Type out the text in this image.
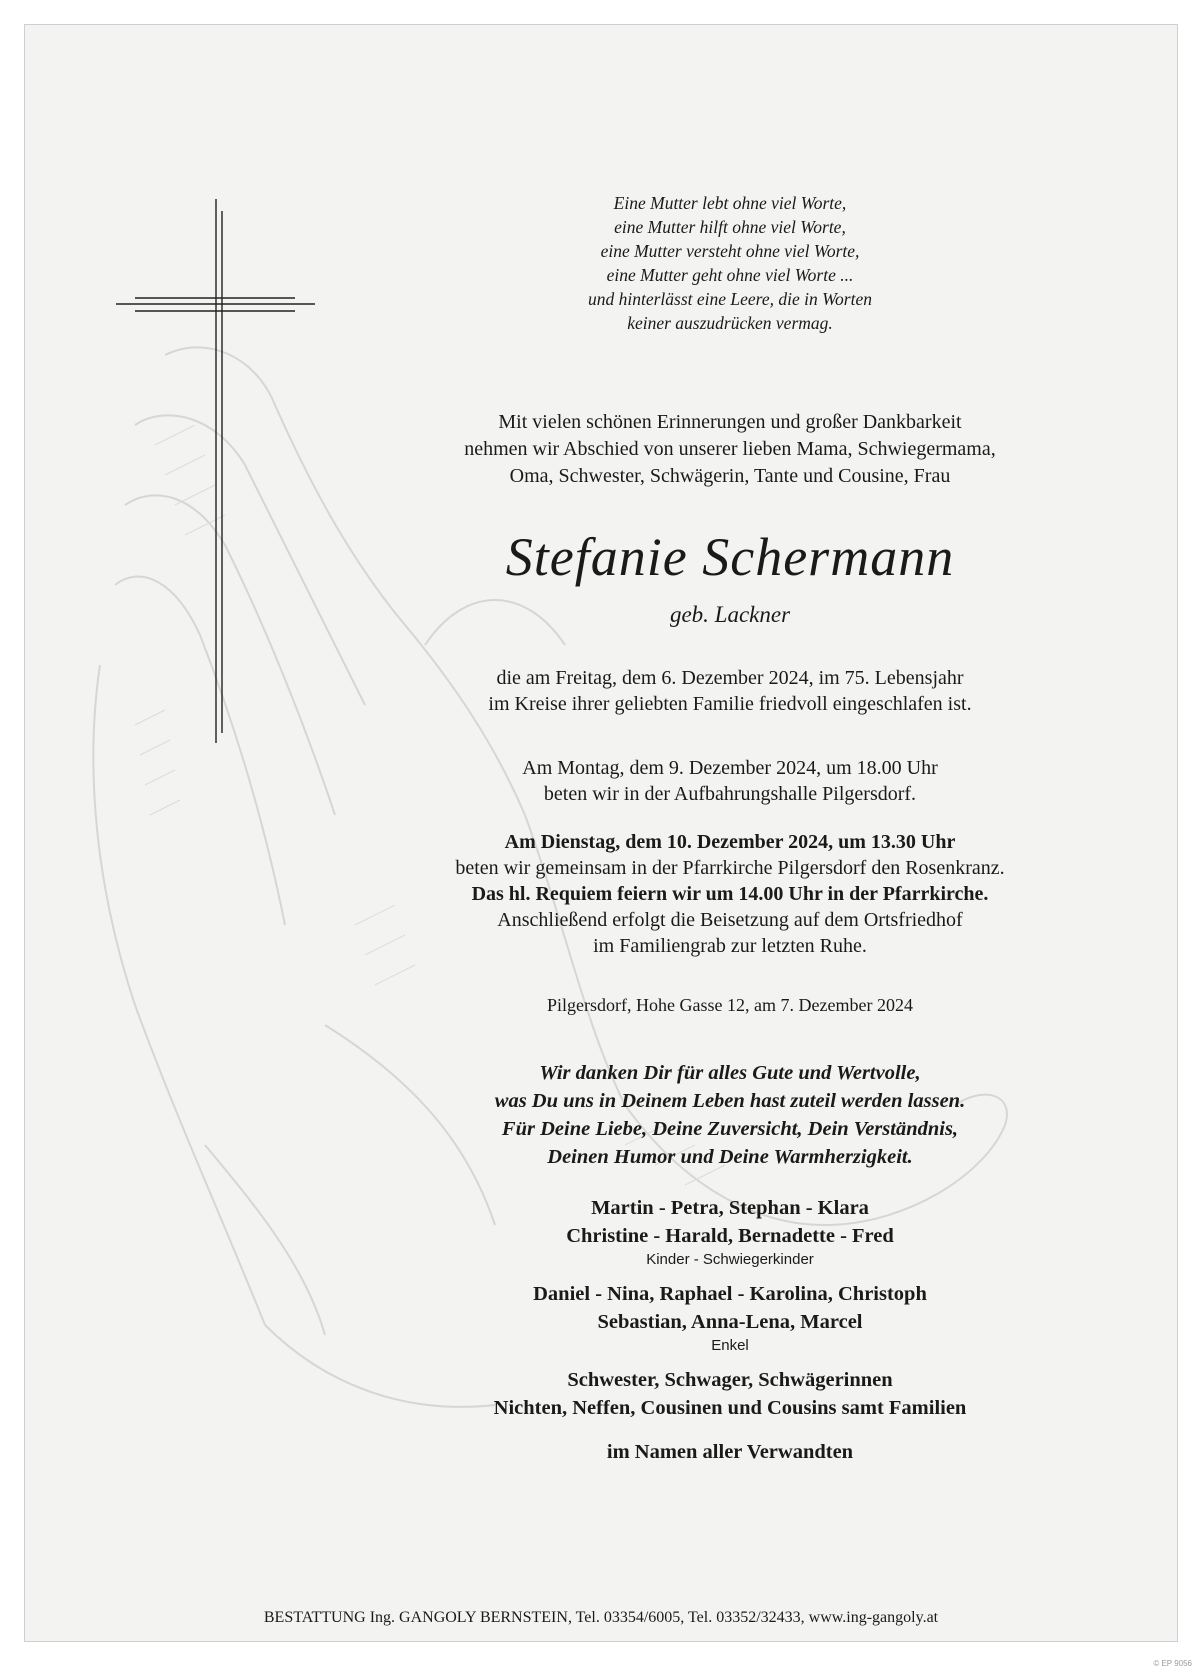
Eine Mutter lebt ohne viel Worte,
eine Mutter hilft ohne viel Worte,
eine Mutter versteht ohne viel Worte,
eine Mutter geht ohne viel Worte ...
und hinterlässt eine Leere, die in Worten
keiner auszudrücken vermag.
Mit vielen schönen Erinnerungen und großer Dankbarkeit
nehmen wir Abschied von unserer lieben Mama, Schwiegermama,
Oma, Schwester, Schwägerin, Tante und Cousine, Frau
Stefanie Schermann
geb. Lackner
die am Freitag, dem 6. Dezember 2024, im 75. Lebensjahr
im Kreise ihrer geliebten Familie friedvoll eingeschlafen ist.
Am Montag, dem 9. Dezember 2024, um 18.00 Uhr
beten wir in der Aufbahrungshalle Pilgersdorf.
Am Dienstag, dem 10. Dezember 2024, um 13.30 Uhr
beten wir gemeinsam in der Pfarrkirche Pilgersdorf den Rosenkranz.
Das hl. Requiem feiern wir um 14.00 Uhr in der Pfarrkirche.
Anschließend erfolgt die Beisetzung auf dem Ortsfriedhof
im Familiengrab zur letzten Ruhe.
Pilgersdorf, Hohe Gasse 12, am 7. Dezember 2024
Wir danken Dir für alles Gute und Wertvolle,
was Du uns in Deinem Leben hast zuteil werden lassen.
Für Deine Liebe, Deine Zuversicht, Dein Verständnis,
Deinen Humor und Deine Warmherzigkeit.
Martin - Petra, Stephan - Klara
Christine - Harald, Bernadette - Fred
Kinder - Schwiegerkinder
Daniel - Nina, Raphael - Karolina, Christoph
Sebastian, Anna-Lena, Marcel
Enkel
Schwester, Schwager, Schwägerinnen
Nichten, Neffen, Cousinen und Cousins samt Familien
im Namen aller Verwandten
BESTATTUNG Ing. GANGOLY BERNSTEIN, Tel. 03354/6005, Tel. 03352/32433, www.ing-gangoly.at
© EP 9056
